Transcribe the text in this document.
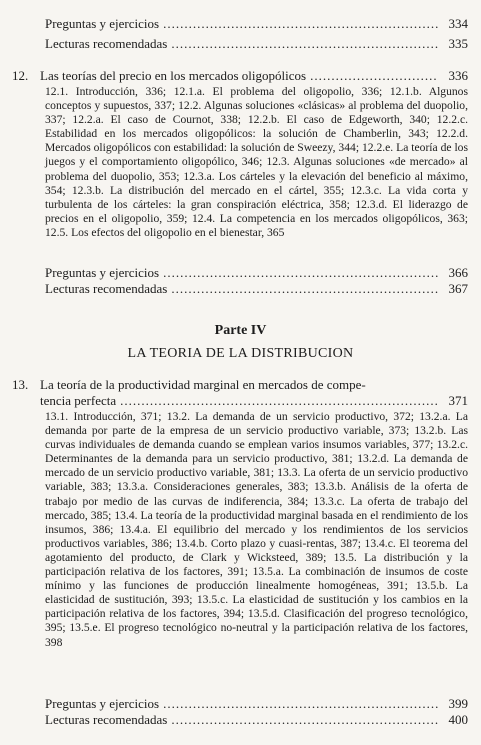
Preguntas y ejercicios .....	334
Lecturas recomendadas .....	335
12. Las teorías del precio en los mercados oligopólicos .....	336
12.1. Introducción, 336; 12.1.a. El problema del oligopolio, 336; 12.1.b. Algunos conceptos y supuestos, 337; 12.2. Algunas soluciones «clásicas» al problema del duopolio, 337; 12.2.a. El caso de Cournot, 338; 12.2.b. El caso de Edgeworth, 340; 12.2.c. Estabilidad en los mercados oligopólicos: la solución de Chamberlin, 343; 12.2.d. Mercados oligopólicos con estabilidad: la solución de Sweezy, 344; 12.2.e. La teoría de los juegos y el comportamiento oligopólico, 346; 12.3. Algunas soluciones «de mercado» al problema del duopolio, 353; 12.3.a. Los cárteles y la elevación del beneficio al máximo, 354; 12.3.b. La distribución del mercado en el cártel, 355; 12.3.c. La vida corta y turbulenta de los cárteles: la gran conspiración eléctrica, 358; 12.3.d. El liderazgo de precios en el oligopolio, 359; 12.4. La competencia en los mercados oligopólicos, 363; 12.5. Los efectos del oligopolio en el bienestar, 365
Preguntas y ejercicios .....	366
Lecturas recomendadas .....	367
Parte IV
LA TEORIA DE LA DISTRIBUCION
13. La teoría de la productividad marginal en mercados de compe-
tencia perfecta .....	371
13.1. Introducción, 371; 13.2. La demanda de un servicio productivo, 372; 13.2.a. La demanda por parte de la empresa de un servicio productivo variable, 373; 13.2.b. Las curvas individuales de demanda cuando se emplean varios insumos variables, 377; 13.2.c. Determinantes de la demanda para un servicio productivo, 381; 13.2.d. La demanda de mercado de un servicio productivo variable, 381; 13.3. La oferta de un servicio productivo variable, 383; 13.3.a. Consideraciones generales, 383; 13.3.b. Análisis de la oferta de trabajo por medio de las curvas de indiferencia, 384; 13.3.c. La oferta de trabajo del mercado, 385; 13.4. La teoría de la productividad marginal basada en el rendimiento de los insumos, 386; 13.4.a. El equilibrio del mercado y los rendimientos de los servicios productivos variables, 386; 13.4.b. Corto plazo y cuasi-rentas, 387; 13.4.c. El teorema del agotamiento del producto, de Clark y Wicksteed, 389; 13.5. La distribución y la participación relativa de los factores, 391; 13.5.a. La combinación de insumos de coste mínimo y las funciones de producción linealmente homogéneas, 391; 13.5.b. La elasticidad de sustitución, 393; 13.5.c. La elasticidad de sustitución y los cambios en la participación relativa de los factores, 394; 13.5.d. Clasificación del progreso tecnológico, 395; 13.5.e. El progreso tecnológico no-neutral y la participación relativa de los factores, 398
Preguntas y ejercicios .....	399
Lecturas recomendadas .....	400
